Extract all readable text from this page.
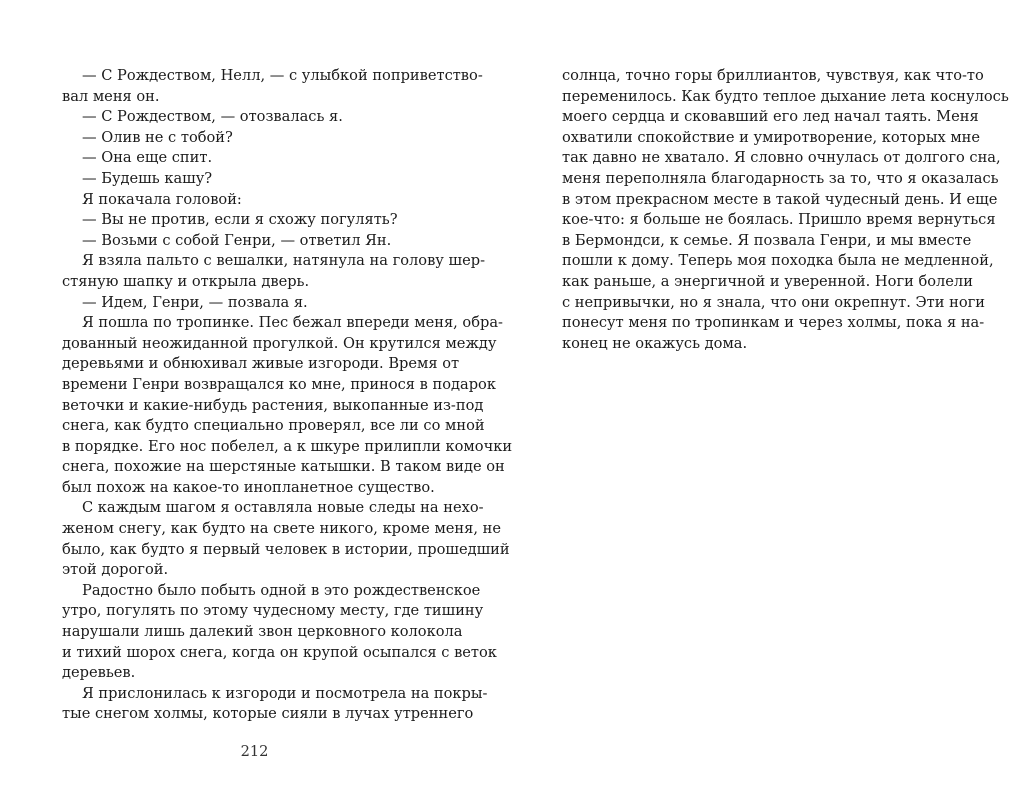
— С Рождеством, Нелл, — с улыбкой поприветство-
вал меня он.
— С Рождеством, — отозвалась я.
— Олив не с тобой?
— Она еще спит.
— Будешь кашу?
Я покачала головой:
— Вы не против, если я схожу погулять?
— Возьми с собой Генри, — ответил Ян.
Я взяла пальто с вешалки, натянула на голову шер-
стяную шапку и открыла дверь.
— Идем, Генри, — позвала я.
Я пошла по тропинке. Пес бежал впереди меня, обра-
дованный неожиданной прогулкой. Он крутился между
деревьями и обнюхивал живые изгороди. Время от
времени Генри возвращался ко мне, принося в подарок
веточки и какие-нибудь растения, выкопанные из-под
снега, как будто специально проверял, все ли со мной
в порядке. Его нос побелел, а к шкуре прилипли комочки
снега, похожие на шерстяные катышки. В таком виде он
был похож на какое-то инопланетное существо.
С каждым шагом я оставляла новые следы на нехо-
женом снегу, как будто на свете никого, кроме меня, не
было, как будто я первый человек в истории, прошедший
этой дорогой.
Радостно было побыть одной в это рождественское
утро, погулять по этому чудесному месту, где тишину
нарушали лишь далекий звон церковного колокола
и тихий шорох снега, когда он крупой осыпался с веток
деревьев.
Я прислонилась к изгороди и посмотрела на покры-
тые снегом холмы, которые сияли в лучах утреннего
солнца, точно горы бриллиантов, чувствуя, как что-то
переменилось. Как будто теплое дыхание лета коснулось
моего сердца и сковавший его лед начал таять. Меня
охватили спокойствие и умиротворение, которых мне
так давно не хватало. Я словно очнулась от долгого сна,
меня переполняла благодарность за то, что я оказалась
в этом прекрасном месте в такой чудесный день. И еще
кое-что: я больше не боялась. Пришло время вернуться
в Бермондси, к семье. Я позвала Генри, и мы вместе
пошли к дому. Теперь моя походка была не медленной,
как раньше, а энергичной и уверенной. Ноги болели
с непривычки, но я знала, что они окрепнут. Эти ноги
понесут меня по тропинкам и через холмы, пока я на-
конец не окажусь дома.
212
